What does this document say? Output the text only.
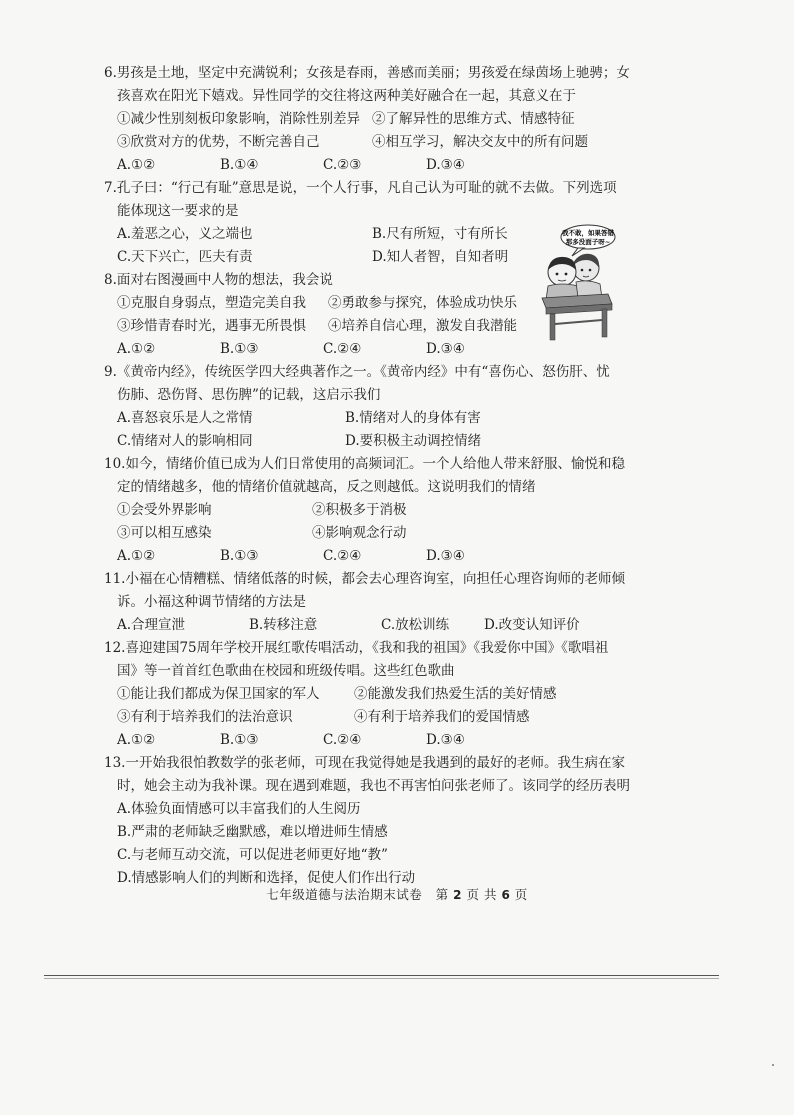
6.男孩是土地，坚定中充满锐利；女孩是春雨，善感而美丽；男孩爱在绿茵场上驰骋；女
孩喜欢在阳光下嬉戏。异性同学的交往将这两种美好融合在一起，其意义在于
①减少性别刻板印象影响，消除性别差异 ②了解异性的思维方式、情感特征
③欣赏对方的优势，不断完善自己	④相互学习，解决交友中的所有问题
A.①②	B.①④	C.②③	D.③④
7.孔子曰：“行己有耻”意思是说，一个人行事，凡自己认为可耻的就不去做。下列选项
能体现这一要求的是
A.羞恶之心，义之端也	B.尺有所短，寸有所长
C.天下兴亡，匹夫有责	D.知人者智，自知者明
8.面对右图漫画中人物的想法，我会说
①克服自身弱点，塑造完美自我	②勇敢参与探究，体验成功快乐
③珍惜青春时光，遇事无所畏惧	④培养自信心理，激发自我潜能
A.①②	B.①③	C.②④	D.③④
9.《黄帝内经》，传统医学四大经典著作之一。《黄帝内经》中有“喜伤心、怒伤肝、忧
伤肺、恐伤肾、思伤脾”的记载，这启示我们
A.喜怒哀乐是人之常情	B.情绪对人的身体有害
C.情绪对人的影响相同	D.要积极主动调控情绪
10.如今，情绪价值已成为人们日常使用的高频词汇。一个人给他人带来舒服、愉悦和稳
定的情绪越多，他的情绪价值就越高，反之则越低。这说明我们的情绪
①会受外界影响	②积极多于消极
③可以相互感染	④影响观念行动
A.①②	B.①③	C.②④	D.③④
11.小福在心情糟糕、情绪低落的时候，都会去心理咨询室，向担任心理咨询师的老师倾
诉。小福这种调节情绪的方法是
A.合理宣泄	B.转移注意	C.放松训练	D.改变认知评价
12.喜迎建国75周年学校开展红歌传唱活动，《我和我的祖国》《我爱你中国》《歌唱祖
国》等一首首红色歌曲在校园和班级传唱。这些红色歌曲
①能让我们都成为保卫国家的军人	②能激发我们热爱生活的美好情感
③有利于培养我们的法治意识	④有利于培养我们的爱国情感
A.①②	B.①③	C.②④	D.③④
13.一开始我很怕教数学的张老师，可现在我觉得她是我遇到的最好的老师。我生病在家
时，她会主动为我补课。现在遇到难题，我也不再害怕问张老师了。该同学的经历表明
A.体验负面情感可以丰富我们的人生阅历
B.严肃的老师缺乏幽默感，难以增进师生情感
C.与老师互动交流，可以促进老师更好地“教”
D.情感影响人们的判断和选择，促使人们作出行动
我不敢，如果答错
那多没面子呀~
七年级道德与法治期末试卷 第 2 页 共 6 页
